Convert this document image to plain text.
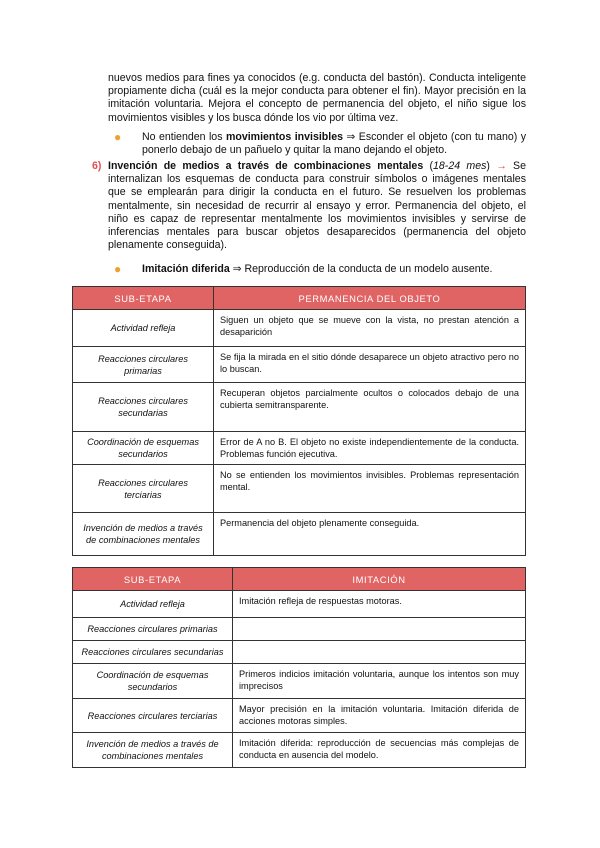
nuevos medios para fines ya conocidos (e.g. conducta del bastón). Conducta inteligente propiamente dicha (cuál es la mejor conducta para obtener el fin). Mayor precisión en la imitación voluntaria. Mejora el concepto de permanencia del objeto, el niño sigue los movimientos visibles y los busca dónde los vio por última vez.
● No entienden los movimientos invisibles ⇒ Esconder el objeto (con tu mano) y ponerlo debajo de un pañuelo y quitar la mano dejando el objeto.
6) Invención de medios a través de combinaciones mentales (18-24 mes) → Se internalizan los esquemas de conducta para construir símbolos o imágenes mentales que se emplearán para dirigir la conducta en el futuro. Se resuelven los problemas mentalmente, sin necesidad de recurrir al ensayo y error. Permanencia del objeto, el niño es capaz de representar mentalmente los movimientos invisibles y servirse de inferencias mentales para buscar objetos desaparecidos (permanencia del objeto plenamente conseguida).
● Imitación diferida ⇒ Reproducción de la conducta de un modelo ausente.
SUB-ETAPA	PERMANENCIA DEL OBJETO
Actividad refleja	Siguen un objeto que se mueve con la vista, no prestan atención a desaparición
Reacciones circulares primarias	Se fija la mirada en el sitio dónde desaparece un objeto atractivo pero no lo buscan.
Reacciones circulares secundarias	Recuperan objetos parcialmente ocultos o colocados debajo de una cubierta semitransparente.
Coordinación de esquemas secundarios	Error de A no B. El objeto no existe independientemente de la conducta. Problemas función ejecutiva.
Reacciones circulares terciarias	No se entienden los movimientos invisibles. Problemas representación mental.
Invención de medios a través de combinaciones mentales	Permanencia del objeto plenamente conseguida.
SUB-ETAPA	IMITACIÓN
Actividad refleja	Imitación refleja de respuestas motoras.
Reacciones circulares primarias	
Reacciones circulares secundarias	
Coordinación de esquemas secundarios	Primeros indicios imitación voluntaria, aunque los intentos son muy imprecisos
Reacciones circulares terciarias	Mayor precisión en la imitación voluntaria. Imitación diferida de acciones motoras simples.
Invención de medios a través de combinaciones mentales	Imitación diferida: reproducción de secuencias más complejas de conducta en ausencia del modelo.
